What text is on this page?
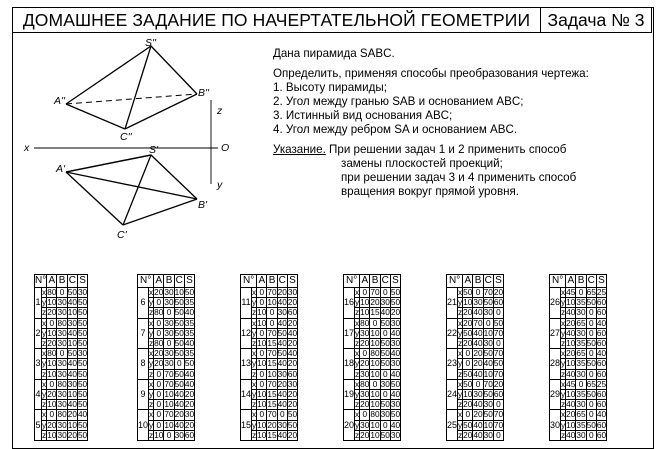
ДОМАШНЕЕ ЗАДАНИЕ ПО НАЧЕРТАТЕЛЬНОЙ ГЕОМЕТРИИ Задача № 3
S''
A''
B''
C''
S'
A'
B'
C'
x
z
O
y

Дана пирамида SABC.

Определить, применяя способы преобразования чертежа:

1. Высоту пирамиды;

2. Угол между гранью SAB и основанием ABC;

3. Истинный вид основания ABC;

4. Угол между ребром SA и основанием ABC.

Указание. При решении задач 1 и 2 применить способ

замены плоскостей проекций;

при решении задач 3 и 4 применить способ

вращения вокруг прямой уровня.

N°		A	B	C	S
1	x	80	0	50	30
	y	10	30	40	50
	z	20	30	10	50
2	x	0	80	30	50
	y	10	30	40	50
	z	20	30	10	50
3	x	80	0	50	30
	y	10	30	40	50
	z	10	30	40	50
4	x	0	80	30	50
	y	20	30	10	50
	z	10	30	40	50
5	x	0	80	20	40
	y	20	30	10	50
	z	10	30	20	50
N°		A	B	C	S
6	x	20	30	10	50
	y	0	30	50	35
	z	80	0	50	40
7	x	0	30	50	35
	y	0	30	50	35
	z	80	0	50	40
8	x	20	30	50	35
	y	20	30	0	50
	z	0	70	50	40
9	x	0	70	50	40
	y	0	10	40	20
	z	0	10	40	20
10	x	0	70	20	30
	y	0	10	40	20
	z	10	0	30	60
N°		A	B	C	S
11	x	0	70	20	30
	y	0	10	40	20
	z	10	0	30	60
12	x	10	0	40	20
	y	0	70	50	40
	z	10	15	40	20
13	x	0	70	50	40
	y	10	15	40	20
	z	0	10	30	60
14	x	0	70	20	30
	y	10	15	40	20
	z	10	15	40	20
15	x	0	70	0	50
	y	10	20	30	50
	z	10	15	40	20
N°		A	B	C	S
16	x	0	70	0	50
	y	10	20	30	50
	z	10	15	40	20
17	x	80	0	50	30
	y	30	10	0	40
	z	20	10	50	30
18	x	0	80	50	40
	y	20	10	50	30
	z	30	10	0	40
19	x	80	0	30	50
	y	30	10	0	40
	z	20	10	50	30
20	x	0	80	30	50
	y	30	10	0	40
	z	20	10	50	30
N°		A	B	C	S
21	x	50	0	70	20
	y	10	30	50	60
	z	20	40	30	0
22	x	20	70	0	50
	y	50	40	10	70
	z	20	40	30	0
23	x	0	20	50	70
	y	0	20	40	50
	z	50	40	10	70
24	x	50	0	70	20
	y	10	30	50	60
	z	20	40	30	0
25	x	0	20	50	70
	y	50	40	10	70
	z	20	40	30	0
N°		A	B	C	S
26	x	45	0	65	25
	y	10	35	50	60
	z	40	30	0	60
27	x	20	65	0	40
	y	40	30	0	60
	z	10	35	50	60
28	x	20	65	0	40
	y	10	35	50	60
	z	40	30	0	60
29	x	45	0	65	25
	y	10	35	50	60
	z	40	30	0	60
30	x	20	65	0	40
	y	10	35	50	60
	z	40	30	0	60
